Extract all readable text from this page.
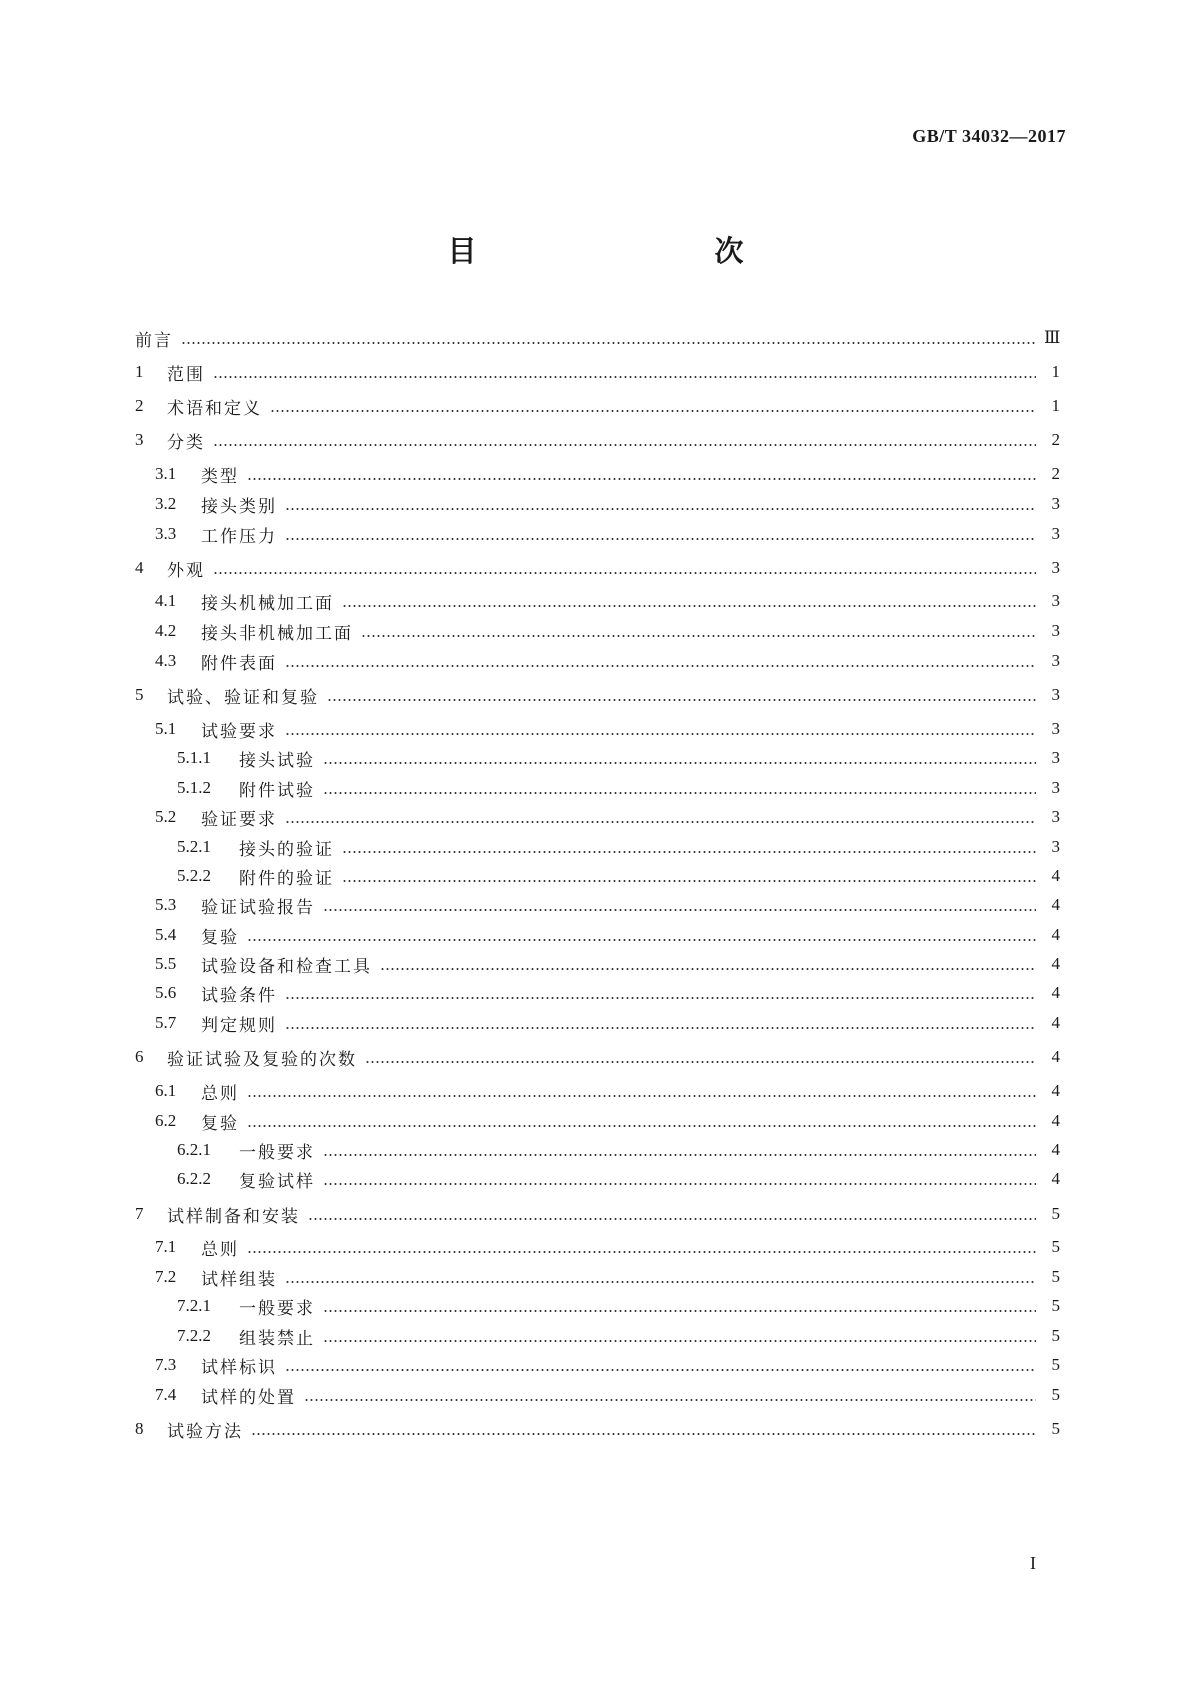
GB/T 34032—2017
目　　次
前言	Ⅲ
1	范围	1
2	术语和定义	1
3	分类	2
3.1	类型	2
3.2	接头类别	3
3.3	工作压力	3
4	外观	3
4.1	接头机械加工面	3
4.2	接头非机械加工面	3
4.3	附件表面	3
5	试验、验证和复验	3
5.1	试验要求	3
5.1.1	接头试验	3
5.1.2	附件试验	3
5.2	验证要求	3
5.2.1	接头的验证	3
5.2.2	附件的验证	4
5.3	验证试验报告	4
5.4	复验	4
5.5	试验设备和检查工具	4
5.6	试验条件	4
5.7	判定规则	4
6	验证试验及复验的次数	4
6.1	总则	4
6.2	复验	4
6.2.1	一般要求	4
6.2.2	复验试样	4
7	试样制备和安装	5
7.1	总则	5
7.2	试样组装	5
7.2.1	一般要求	5
7.2.2	组装禁止	5
7.3	试样标识	5
7.4	试样的处置	5
8	试验方法	5
I
